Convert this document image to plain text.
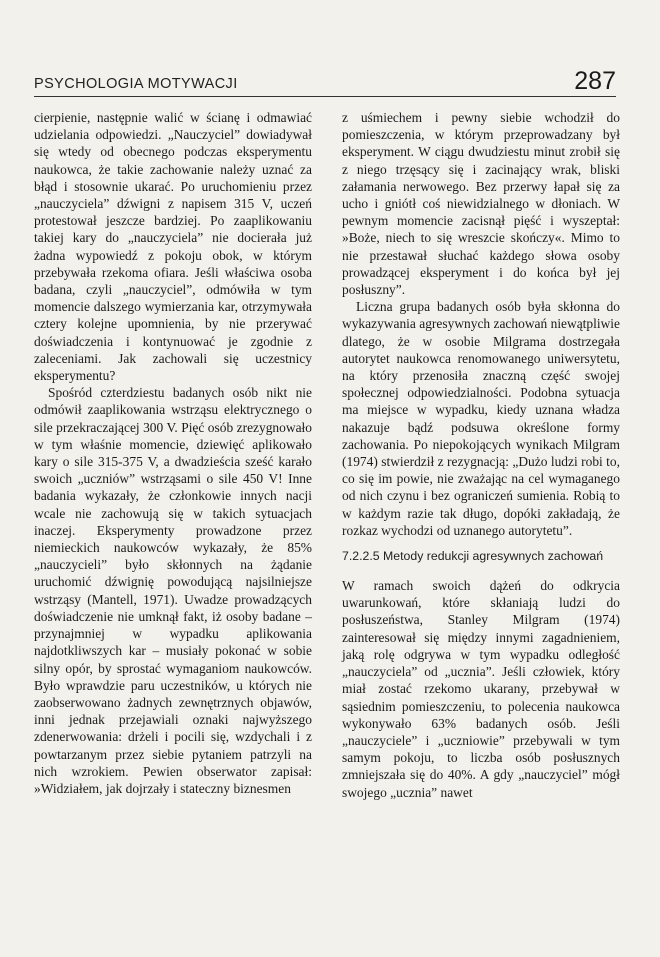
PSYCHOLOGIA MOTYWACJI	287

cierpienie, następnie walić w ścianę i odmawiać udzielania odpowiedzi. „Nauczyciel” dowiadywał się wtedy od obecnego podczas eksperymentu naukowca, że takie zachowanie należy uznać za błąd i stosownie ukarać. Po uruchomieniu przez „nauczyciela” dźwigni z napisem 315 V, uczeń protestował jeszcze bardziej. Po zaaplikowaniu takiej kary do „nauczyciela” nie docierała już żadna wypowiedź z pokoju obok, w którym przebywała rzekoma ofiara. Jeśli właściwa osoba badana, czyli „nauczyciel”, odmówiła w tym momencie dalszego wymierzania kar, otrzymywała cztery kolejne upomnienia, by nie przerywać doświadczenia i kontynuować je zgodnie z zaleceniami. Jak zachowali się uczestnicy eksperymentu?

Spośród czterdziestu badanych osób nikt nie odmówił zaaplikowania wstrząsu elektrycznego o sile przekraczającej 300 V. Pięć osób zrezygnowało w tym właśnie momencie, dziewięć aplikowało kary o sile 315-375 V, a dwadzieścia sześć karało swoich „uczniów” wstrząsami o sile 450 V! Inne badania wykazały, że członkowie innych nacji wcale nie zachowują się w takich sytuacjach inaczej. Eksperymenty prowadzone przez niemieckich naukowców wykazały, że 85% „nauczycieli” było skłonnych na żądanie uruchomić dźwignię powodującą najsilniejsze wstrząsy (Mantell, 1971). Uwadze prowadzących doświadczenie nie umknął fakt, iż osoby badane – przynajmniej w wypadku aplikowania najdotkliwszych kar – musiały pokonać w sobie silny opór, by sprostać wymaganiom naukowców. Było wprawdzie paru uczestników, u których nie zaobserwowano żadnych zewnętrznych objawów, inni jednak przejawiali oznaki najwyższego zdenerwowania: drżeli i pocili się, wzdychali i z powtarzanym przez siebie pytaniem patrzyli na nich wzrokiem. Pewien obserwator zapisał: »Widziałem, jak dojrzały i stateczny biznesmen

z uśmiechem i pewny siebie wchodził do pomieszczenia, w którym przeprowadzany był eksperyment. W ciągu dwudziestu minut zrobił się z niego trzęsący się i zacinający wrak, bliski załamania nerwowego. Bez przerwy łapał się za ucho i gniótł coś niewidzialnego w dłoniach. W pewnym momencie zacisnął pięść i wyszeptał: »Boże, niech to się wreszcie skończy«. Mimo to nie przestawał słuchać każdego słowa osoby prowadzącej eksperyment i do końca był jej posłuszny”.

Liczna grupa badanych osób była skłonna do wykazywania agresywnych zachowań niewątpliwie dlatego, że w osobie Milgrama dostrzegała autorytet naukowca renomowanego uniwersytetu, na który przenosiła znaczną część swojej społecznej odpowiedzialności. Podobna sytuacja ma miejsce w wypadku, kiedy uznana władza nakazuje bądź podsuwa określone formy zachowania. Po niepokojących wynikach Milgram (1974) stwierdził z rezygnacją: „Dużo ludzi robi to, co się im powie, nie zważając na cel wymaganego od nich czynu i bez ograniczeń sumienia. Robią to w każdym razie tak długo, dopóki zakładają, że rozkaz wychodzi od uznanego autorytetu”.

7.2.2.5 Metody redukcji agresywnych zachowań

W ramach swoich dążeń do odkrycia uwarunkowań, które skłaniają ludzi do posłuszeństwa, Stanley Milgram (1974) zainteresował się między innymi zagadnieniem, jaką rolę odgrywa w tym wypadku odległość „nauczyciela” od „ucznia”. Jeśli człowiek, który miał zostać rzekomo ukarany, przebywał w sąsiednim pomieszczeniu, to polecenia naukowca wykonywało 63% badanych osób. Jeśli „nauczyciele” i „uczniowie” przebywali w tym samym pokoju, to liczba osób posłusznych zmniejszała się do 40%. A gdy „nauczyciel” mógł swojego „ucznia” nawet
